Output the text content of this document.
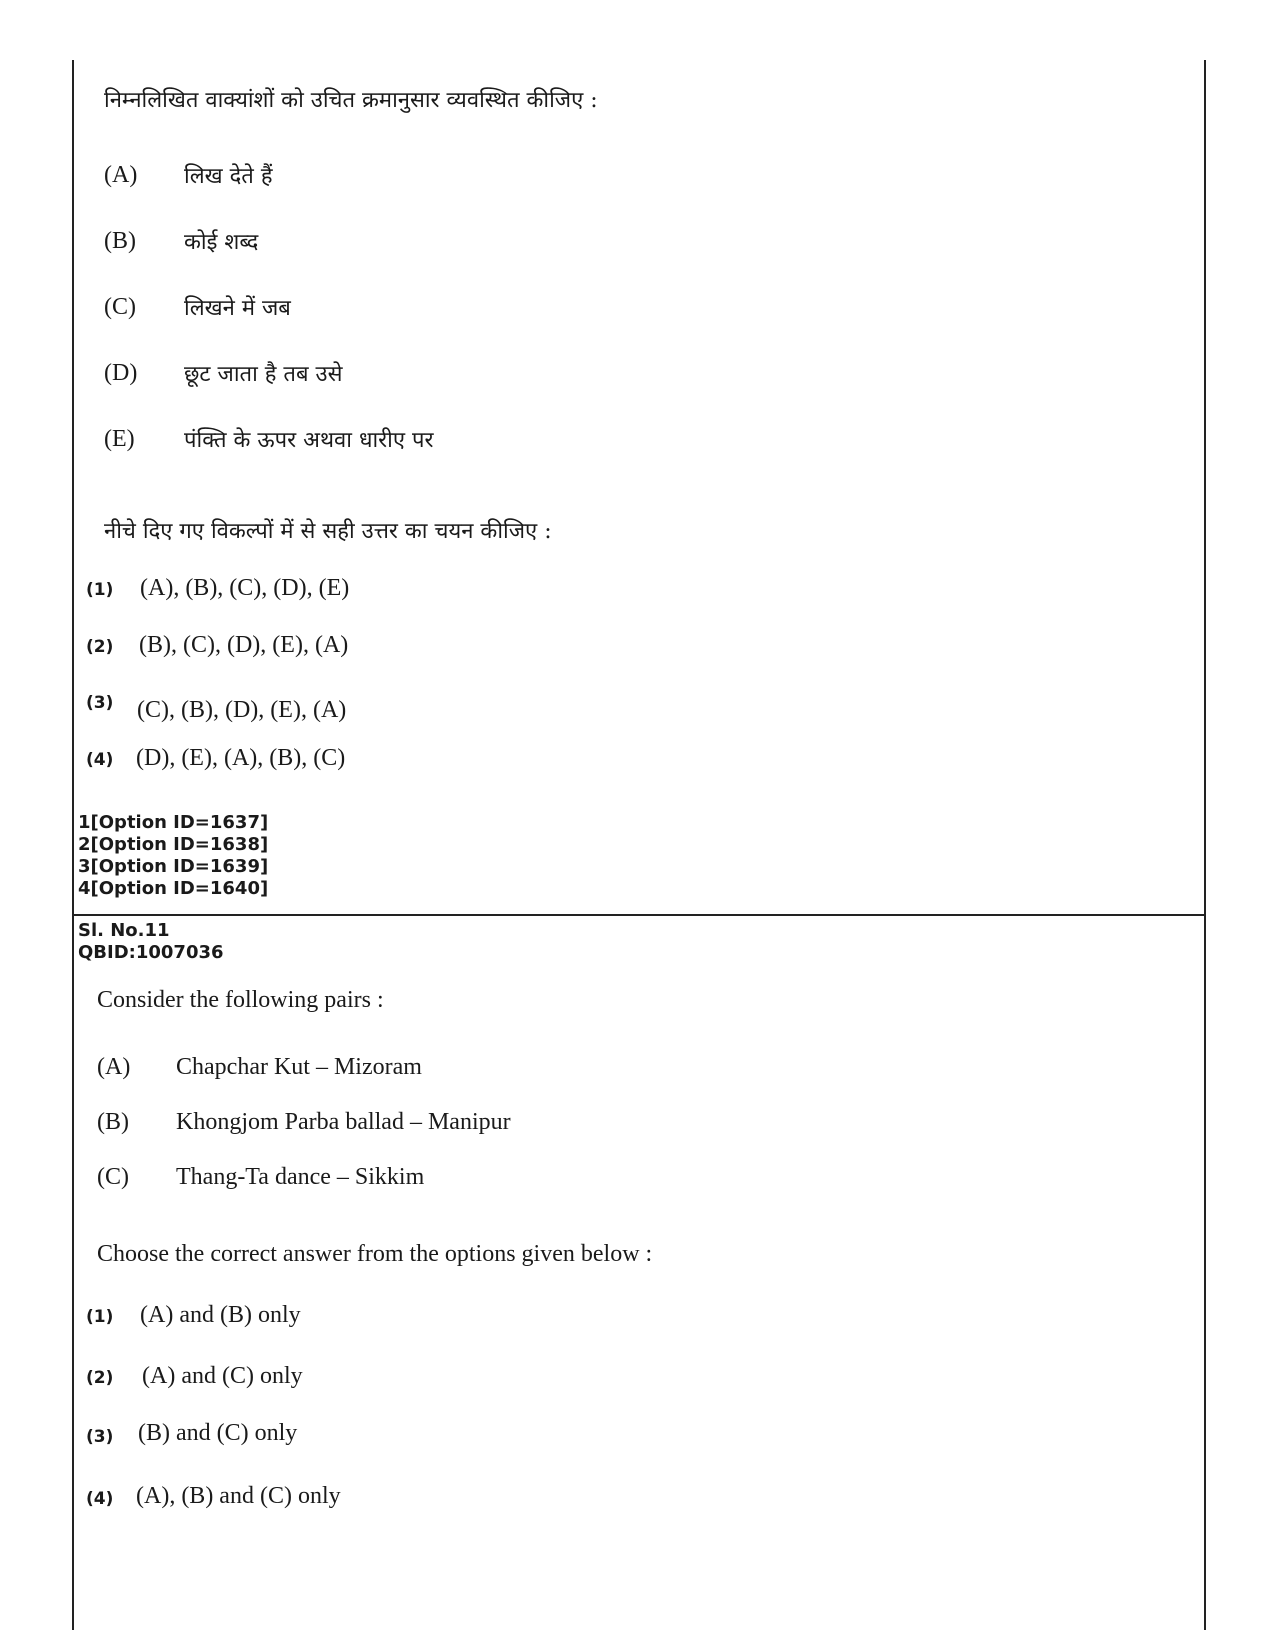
निम्नलिखित वाक्यांशों को उचित क्रमानुसार व्यवस्थित कीजिए :
(A) लिख देते हैं
(B) कोई शब्द
(C) लिखने में जब
(D) छूट जाता है तब उसे
(E) पंक्ति के ऊपर अथवा धारीए पर
नीचे दिए गए विकल्पों में से सही उत्तर का चयन कीजिए :
(1) (A), (B), (C), (D), (E)
(2) (B), (C), (D), (E), (A)
(3) (C), (B), (D), (E), (A)
(4) (D), (E), (A), (B), (C)
1[Option ID=1637]
2[Option ID=1638]
3[Option ID=1639]
4[Option ID=1640]
Sl. No.11
QBID:1007036
Consider the following pairs :
(A) Chapchar Kut – Mizoram
(B) Khongjom Parba ballad – Manipur
(C) Thang-Ta dance – Sikkim
Choose the correct answer from the options given below :
(1) (A) and (B) only
(2) (A) and (C) only
(3) (B) and (C) only
(4) (A), (B) and (C) only
